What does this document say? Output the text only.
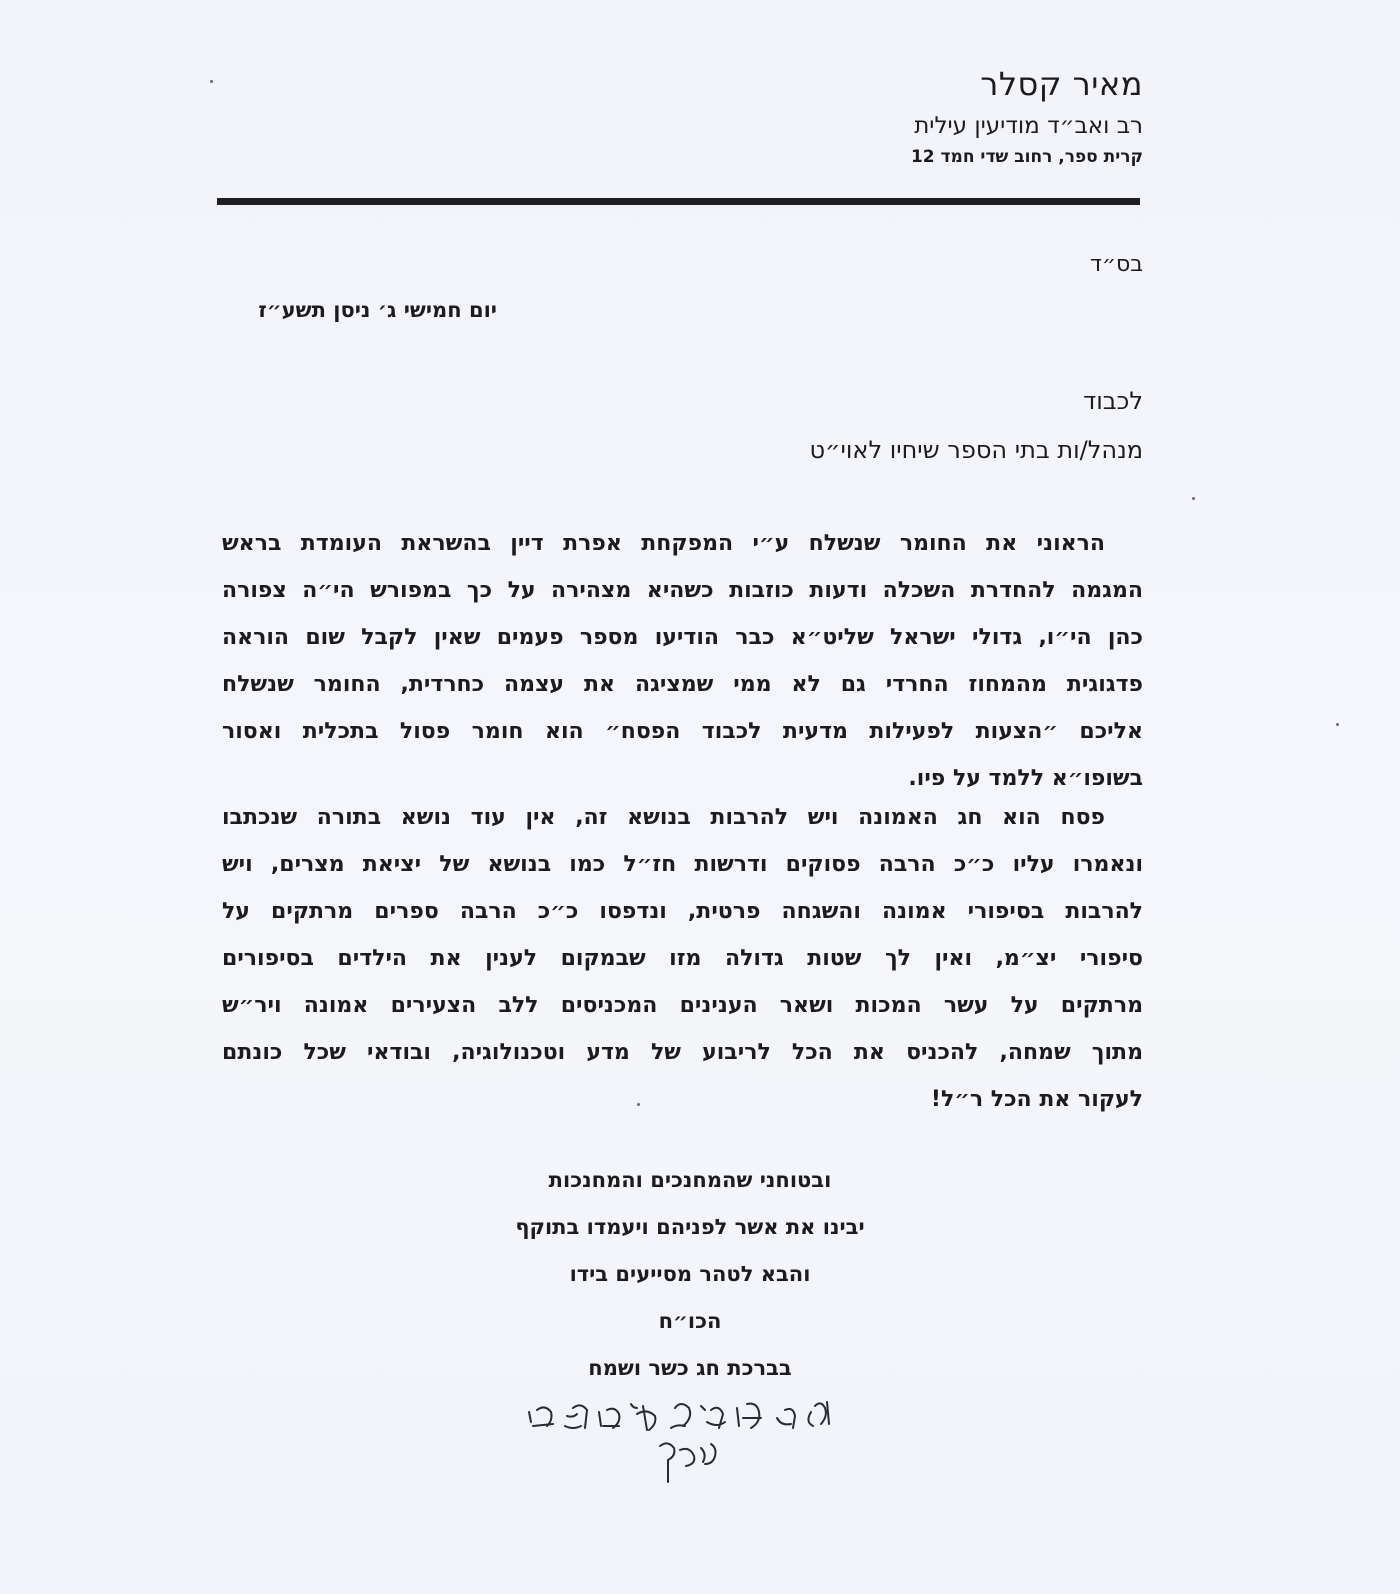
מאיר קסלר
רב ואב״ד מודיעין עילית
קרית ספר, רחוב שדי חמד 12
בס״ד
יום חמישי ג׳ ניסן תשע״ז
לכבוד
מנהל/ות בתי הספר שיחיו לאוי״ט
הראוני את החומר שנשלח ע״י המפקחת אפרת דיין בהשראת העומדת בראש
המגמה להחדרת השכלה ודעות כוזבות כשהיא מצהירה על כך במפורש הי״ה צפורה
כהן הי״ו, גדולי ישראל שליט״א כבר הודיעו מספר פעמים שאין לקבל שום הוראה
פדגוגית מהמחוז החרדי גם לא ממי שמציגה את עצמה כחרדית, החומר שנשלח
אליכם ״הצעות לפעילות מדעית לכבוד הפסח״ הוא חומר פסול בתכלית ואסור
בשופו״א ללמד על פיו.
פסח הוא חג האמונה ויש להרבות בנושא זה, אין עוד נושא בתורה שנכתבו
ונאמרו עליו כ״כ הרבה פסוקים ודרשות חז״ל כמו בנושא של יציאת מצרים, ויש
להרבות בסיפורי אמונה והשגחה פרטית, ונדפסו כ״כ הרבה ספרים מרתקים על
סיפורי יצ״מ, ואין לך שטות גדולה מזו שבמקום לענין את הילדים בסיפורים
מרתקים על עשר המכות ושאר הענינים המכניסים ללב הצעירים אמונה ויר״ש
מתוך שמחה, להכניס את הכל לריבוע של מדע וטכנולוגיה, ובודאי שכל כונתם
לעקור את הכל ר״ל!
ובטוחני שהמחנכים והמחנכות
יבינו את אשר לפניהם ויעמדו בתוקף
והבא לטהר מסייעים בידו
הכו״ח
בברכת חג כשר ושמח
